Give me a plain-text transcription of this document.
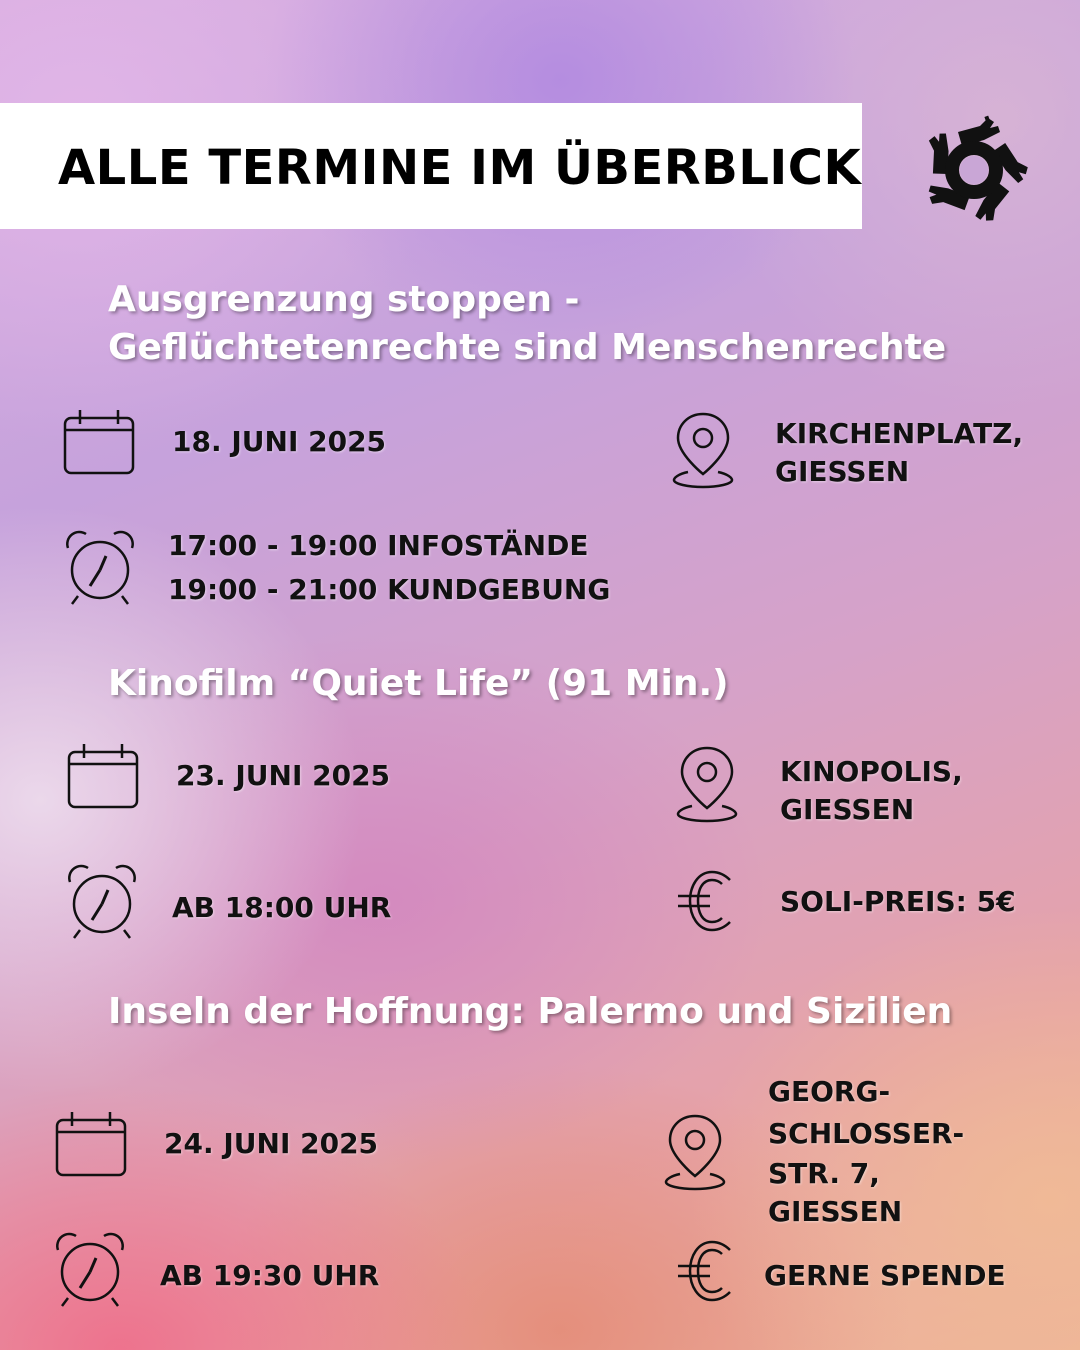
ALLE TERMINE IM ÜBERBLICK
Ausgrenzung stoppen -
Geflüchtetenrechte sind Menschenrechte
18. JUNI 2025	KIRCHENPLATZ,
GIESSEN
17:00 - 19:00 INFOSTÄNDE
19:00 - 21:00 KUNDGEBUNG
Kinofilm “Quiet Life” (91 Min.)
23. JUNI 2025	KINOPOLIS,
GIESSEN
AB 18:00 UHR	SOLI-PREIS: 5€
Inseln der Hoffnung: Palermo und Sizilien
24. JUNI 2025
GEORG-
SCHLOSSER-
STR. 7,
GIESSEN
AB 19:30 UHR	GERNE SPENDE
